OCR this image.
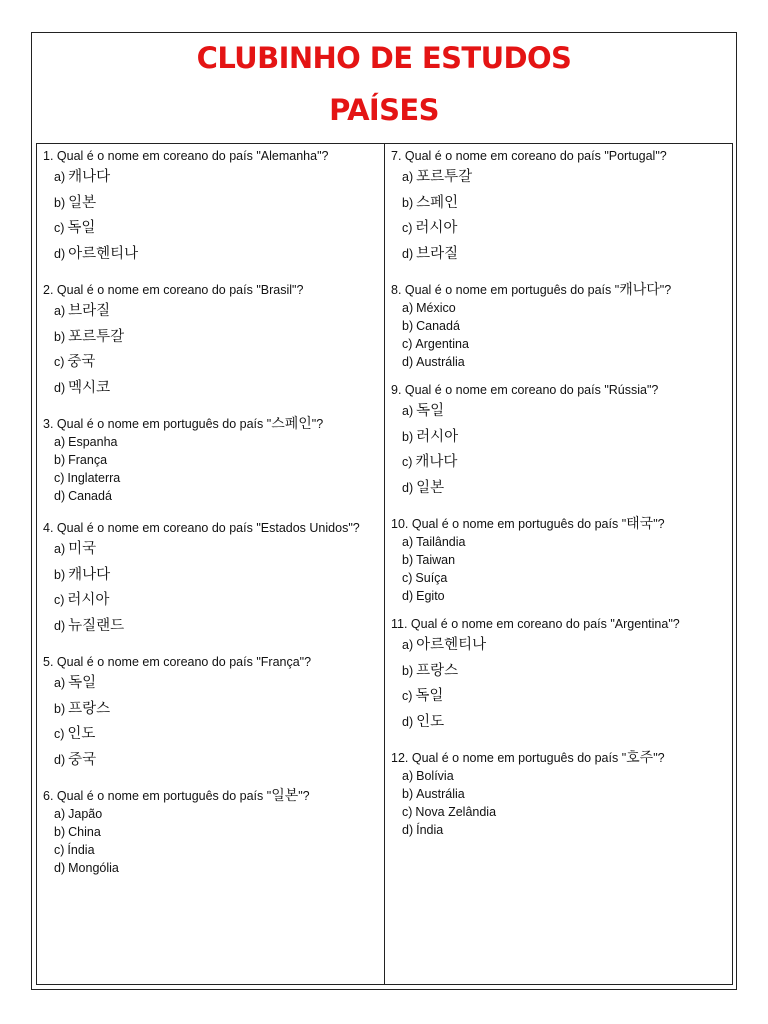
CLUBINHO DE ESTUDOS
PAÍSES
1. Qual é o nome em coreano do país "Alemanha"?
a) 캐나다
b) 일본
c) 독일
d) 아르헨티나
2. Qual é o nome em coreano do país "Brasil"?
a) 브라질
b) 포르투갈
c) 중국
d) 멕시코
3. Qual é o nome em português do país "스페인"?
a) Espanha
b) França
c) Inglaterra
d) Canadá
4. Qual é o nome em coreano do país "Estados Unidos"?
a) 미국
b) 캐나다
c) 러시아
d) 뉴질랜드
5. Qual é o nome em coreano do país "França"?
a) 독일
b) 프랑스
c) 인도
d) 중국
6. Qual é o nome em português do país "일본"?
a) Japão
b) China
c) Índia
d) Mongólia
7. Qual é o nome em coreano do país "Portugal"?
a) 포르투갈
b) 스페인
c) 러시아
d) 브라질
8. Qual é o nome em português do país "캐나다"?
a) México
b) Canadá
c) Argentina
d) Austrália
9. Qual é o nome em coreano do país "Rússia"?
a) 독일
b) 러시아
c) 캐나다
d) 일본
10. Qual é o nome em português do país "태국"?
a) Tailândia
b) Taiwan
c) Suíça
d) Egito
11. Qual é o nome em coreano do país "Argentina"?
a) 아르헨티나
b) 프랑스
c) 독일
d) 인도
12. Qual é o nome em português do país "호주"?
a) Bolívia
b) Austrália
c) Nova Zelândia
d) Índia
